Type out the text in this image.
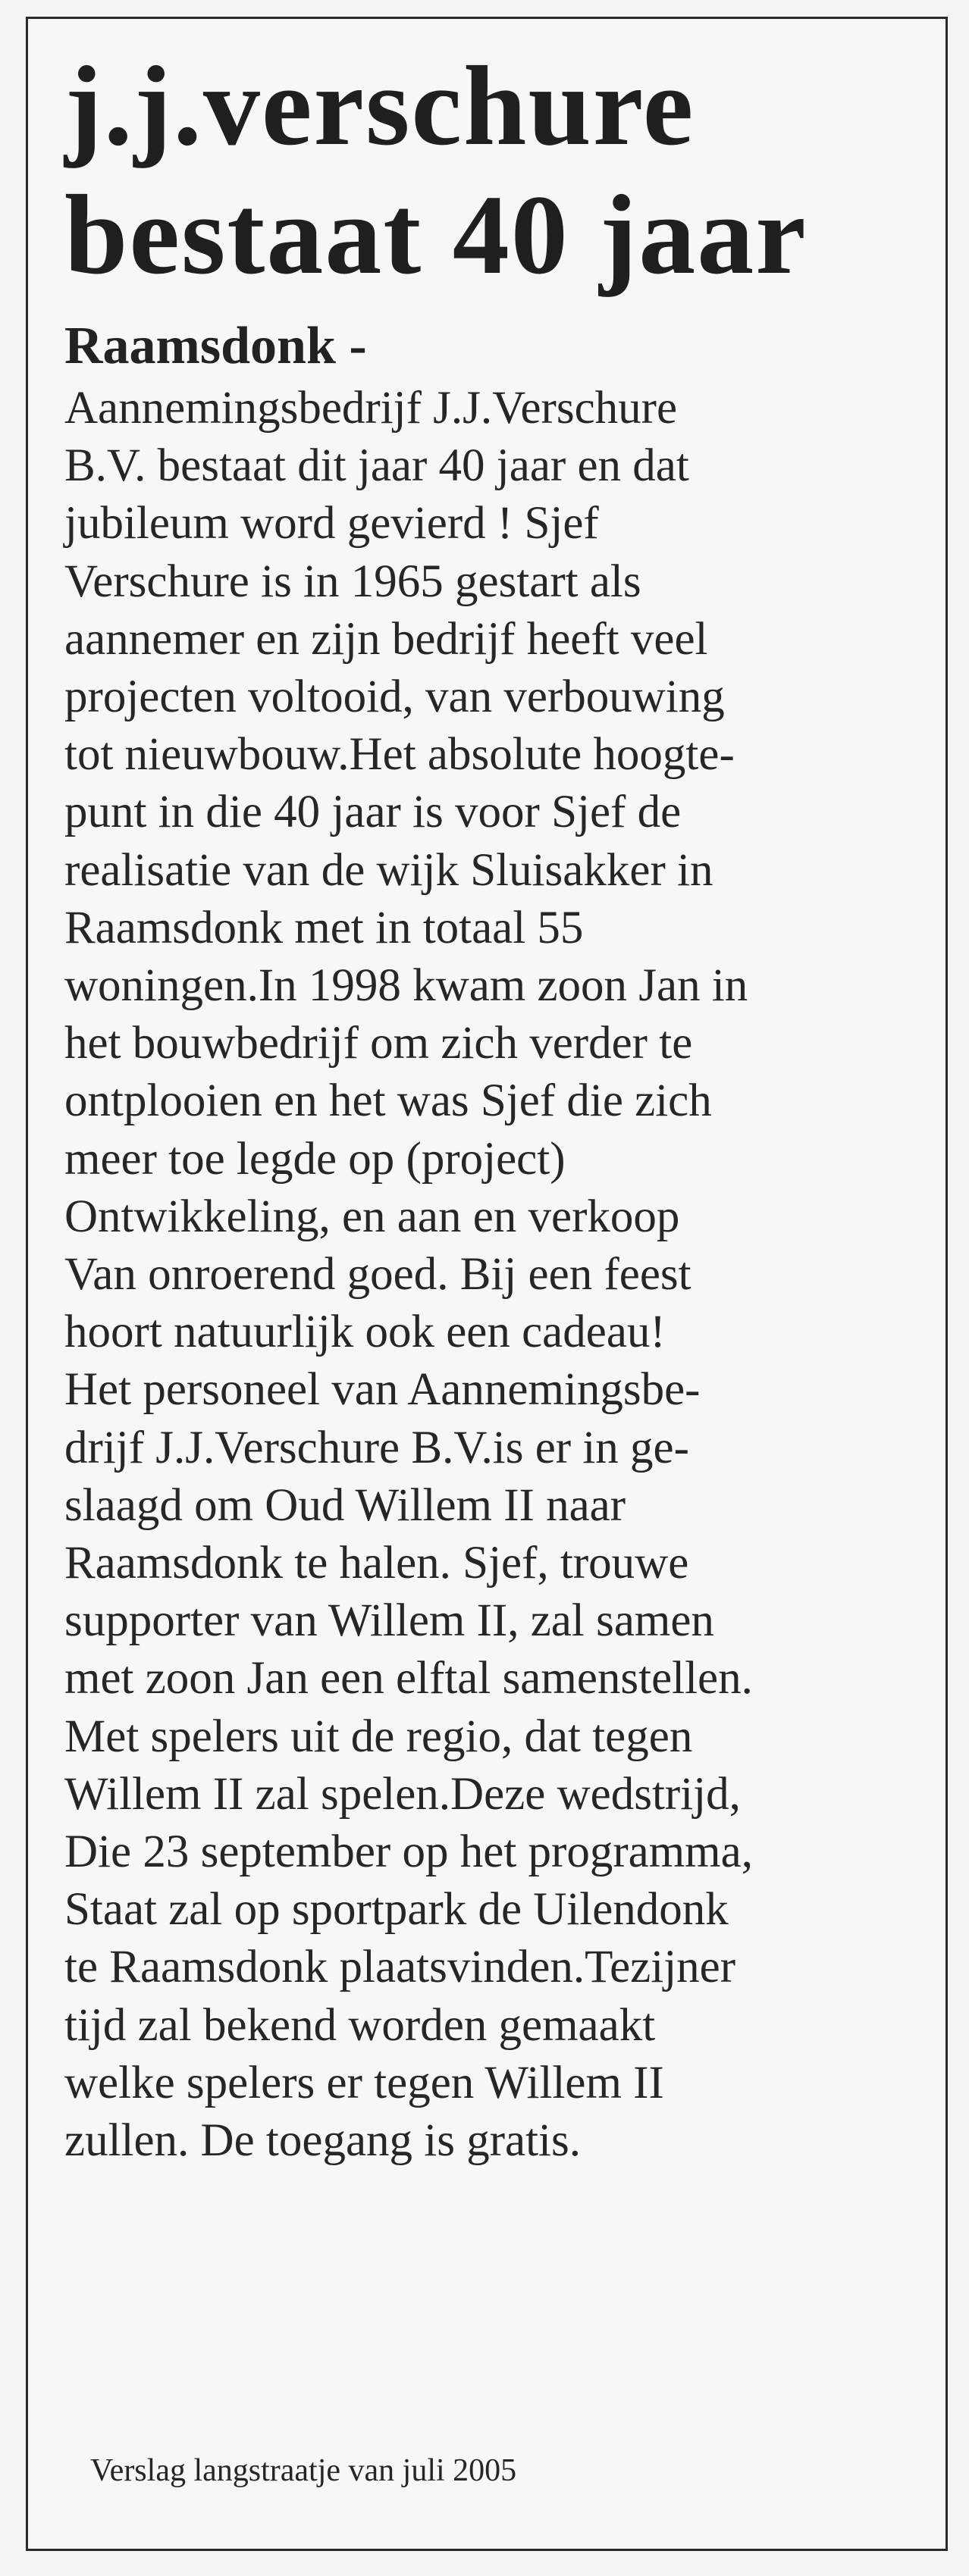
j.j.verschure
bestaat 40 jaar

Raamsdonk -

Aannemingsbedrijf J.J.Verschure
B.V. bestaat dit jaar 40 jaar en dat
jubileum word gevierd ! Sjef
Verschure is in 1965 gestart als
aannemer en zijn bedrijf heeft veel
projecten voltooid, van verbouwing
tot nieuwbouw.Het absolute hoogte-
punt in die 40 jaar is voor Sjef de
realisatie van de wijk Sluisakker in
Raamsdonk met in totaal 55
woningen.In 1998 kwam zoon Jan in
het bouwbedrijf om zich verder te
ontplooien en het was Sjef die zich
meer toe legde op (project)
Ontwikkeling, en aan en verkoop
Van onroerend goed. Bij een feest
hoort natuurlijk ook een cadeau!
Het personeel van Aannemingsbe-
drijf J.J.Verschure B.V.is er in ge-
slaagd om Oud Willem II naar
Raamsdonk te halen. Sjef, trouwe
supporter van Willem II, zal samen
met zoon Jan een elftal samenstellen.
Met spelers uit de regio, dat tegen
Willem II zal spelen.Deze wedstrijd,
Die 23 september op het programma,
Staat zal op sportpark de Uilendonk
te Raamsdonk plaatsvinden.Tezijner
tijd zal bekend worden gemaakt
welke spelers er tegen Willem II
zullen. De toegang is gratis.

Verslag langstraatje van juli 2005
